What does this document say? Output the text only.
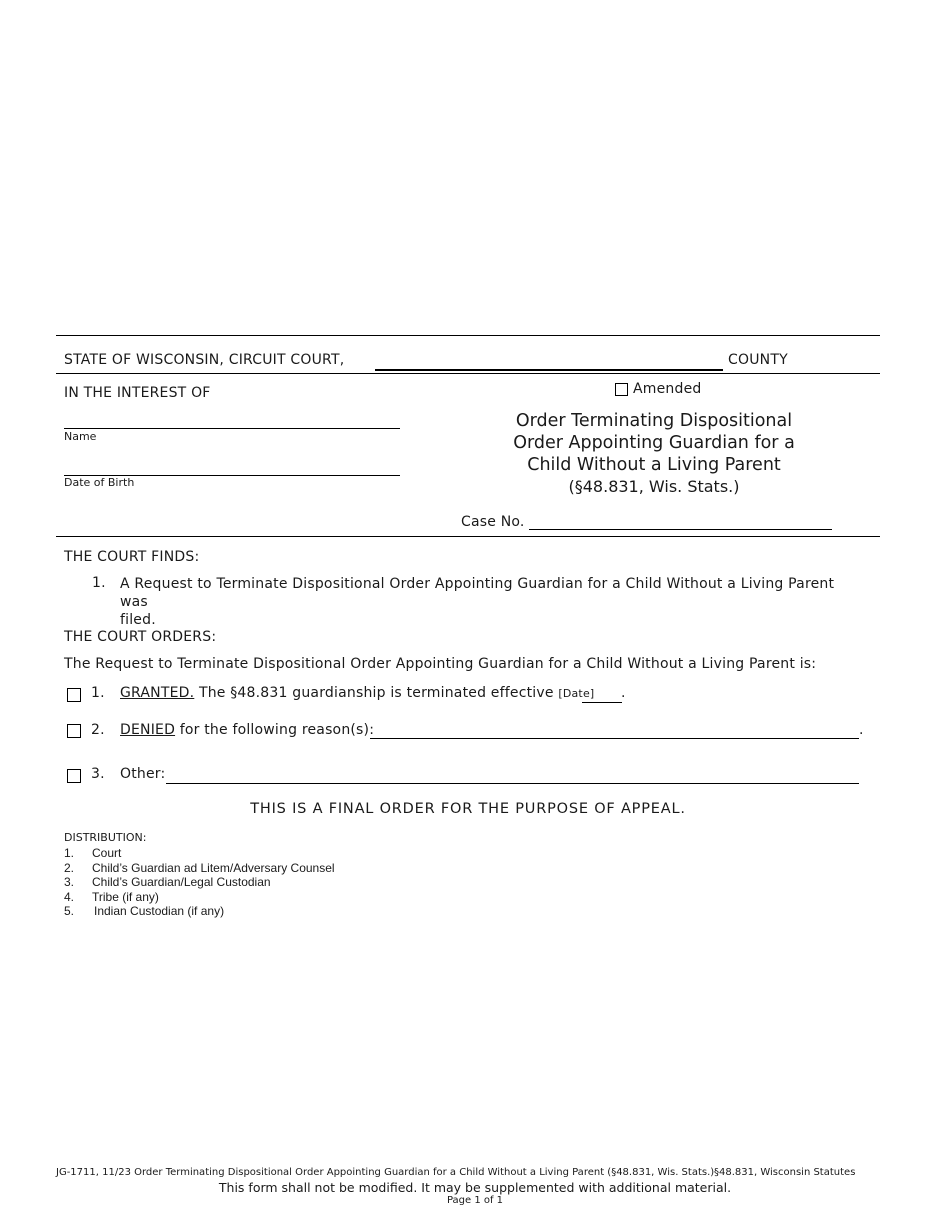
STATE OF WISCONSIN, CIRCUIT COURT,	COUNTY
IN THE INTEREST OF
Name
Date of Birth
Amended
Order Terminating Dispositional
Order Appointing Guardian for a
Child Without a Living Parent
(§48.831, Wis. Stats.)
Case No.
THE COURT FINDS:
1. A Request to Terminate Dispositional Order Appointing Guardian for a Child Without a Living Parent was
filed.
THE COURT ORDERS:
The Request to Terminate Dispositional Order Appointing Guardian for a Child Without a Living Parent is:
1. GRANTED. The §48.831 guardianship is terminated effective [Date] .
2. DENIED for the following reason(s):	.
3. Other:
THIS IS A FINAL ORDER FOR THE PURPOSE OF APPEAL.
DISTRIBUTION:
1. Court
2. Child’s Guardian ad Litem/Adversary Counsel
3. Child’s Guardian/Legal Custodian
4. Tribe (if any)
5. Indian Custodian (if any)
JG-1711, 11/23 Order Terminating Dispositional Order Appointing Guardian for a Child Without a Living Parent (§48.831, Wis. Stats.) §48.831, Wisconsin Statutes
This form shall not be modified. It may be supplemented with additional material.
Page 1 of 1
